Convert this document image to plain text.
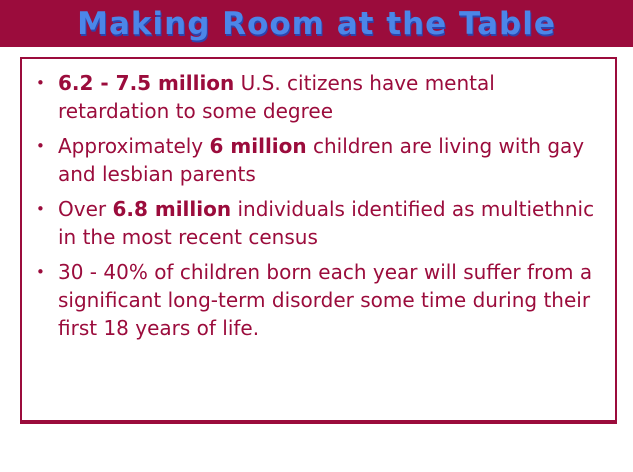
Making Room at the Table
• 6.2 - 7.5 million U.S. citizens have mental retardation to some degree
• Approximately 6 million children are living with gay and lesbian parents
• Over 6.8 million individuals identified as multiethnic in the most recent census
• 30 - 40% of children born each year will suffer from a significant long-term disorder some time during their first 18 years of life.
